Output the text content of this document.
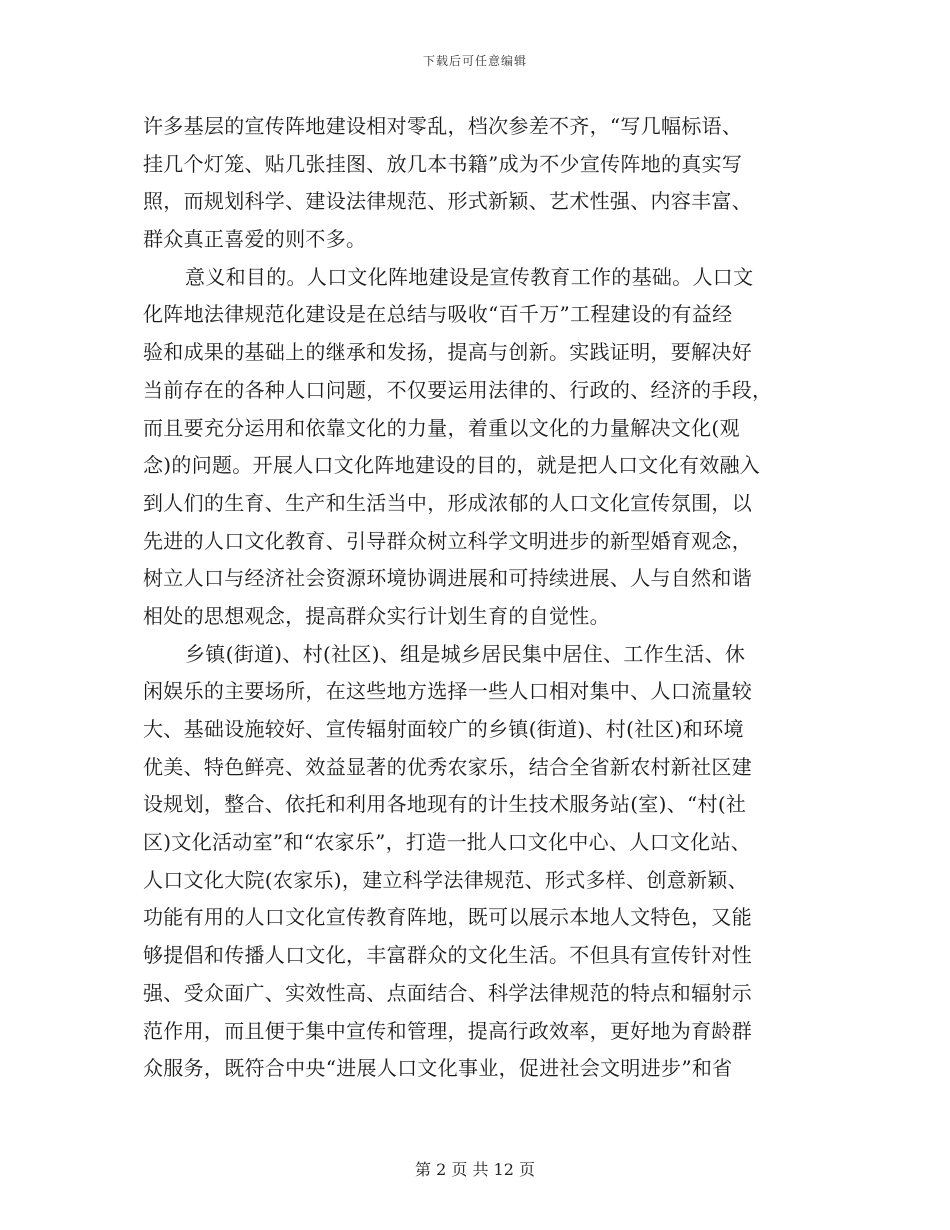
下载后可任意编辑
许多基层的宣传阵地建设相对零乱，档次参差不齐，“写几幅标语、
挂几个灯笼、贴几张挂图、放几本书籍”成为不少宣传阵地的真实写
照，而规划科学、建设法律规范、形式新颖、艺术性强、内容丰富、
群众真正喜爱的则不多。
意义和目的。人口文化阵地建设是宣传教育工作的基础。人口文
化阵地法律规范化建设是在总结与吸收“百千万”工程建设的有益经
验和成果的基础上的继承和发扬，提高与创新。实践证明，要解决好
当前存在的各种人口问题，不仅要运用法律的、行政的、经济的手段，
而且要充分运用和依靠文化的力量，着重以文化的力量解决文化(观
念)的问题。开展人口文化阵地建设的目的，就是把人口文化有效融入
到人们的生育、生产和生活当中，形成浓郁的人口文化宣传氛围，以
先进的人口文化教育、引导群众树立科学文明进步的新型婚育观念，
树立人口与经济社会资源环境协调进展和可持续进展、人与自然和谐
相处的思想观念，提高群众实行计划生育的自觉性。
乡镇(街道)、村(社区)、组是城乡居民集中居住、工作生活、休
闲娱乐的主要场所，在这些地方选择一些人口相对集中、人口流量较
大、基础设施较好、宣传辐射面较广的乡镇(街道)、村(社区)和环境
优美、特色鲜亮、效益显著的优秀农家乐，结合全省新农村新社区建
设规划，整合、依托和利用各地现有的计生技术服务站(室)、“村(社
区)文化活动室”和“农家乐”，打造一批人口文化中心、人口文化站、
人口文化大院(农家乐)，建立科学法律规范、形式多样、创意新颖、
功能有用的人口文化宣传教育阵地，既可以展示本地人文特色，又能
够提倡和传播人口文化，丰富群众的文化生活。不但具有宣传针对性
强、受众面广、实效性高、点面结合、科学法律规范的特点和辐射示
范作用，而且便于集中宣传和管理，提高行政效率，更好地为育龄群
众服务，既符合中央“进展人口文化事业，促进社会文明进步”和省
第 2 页 共 12 页
